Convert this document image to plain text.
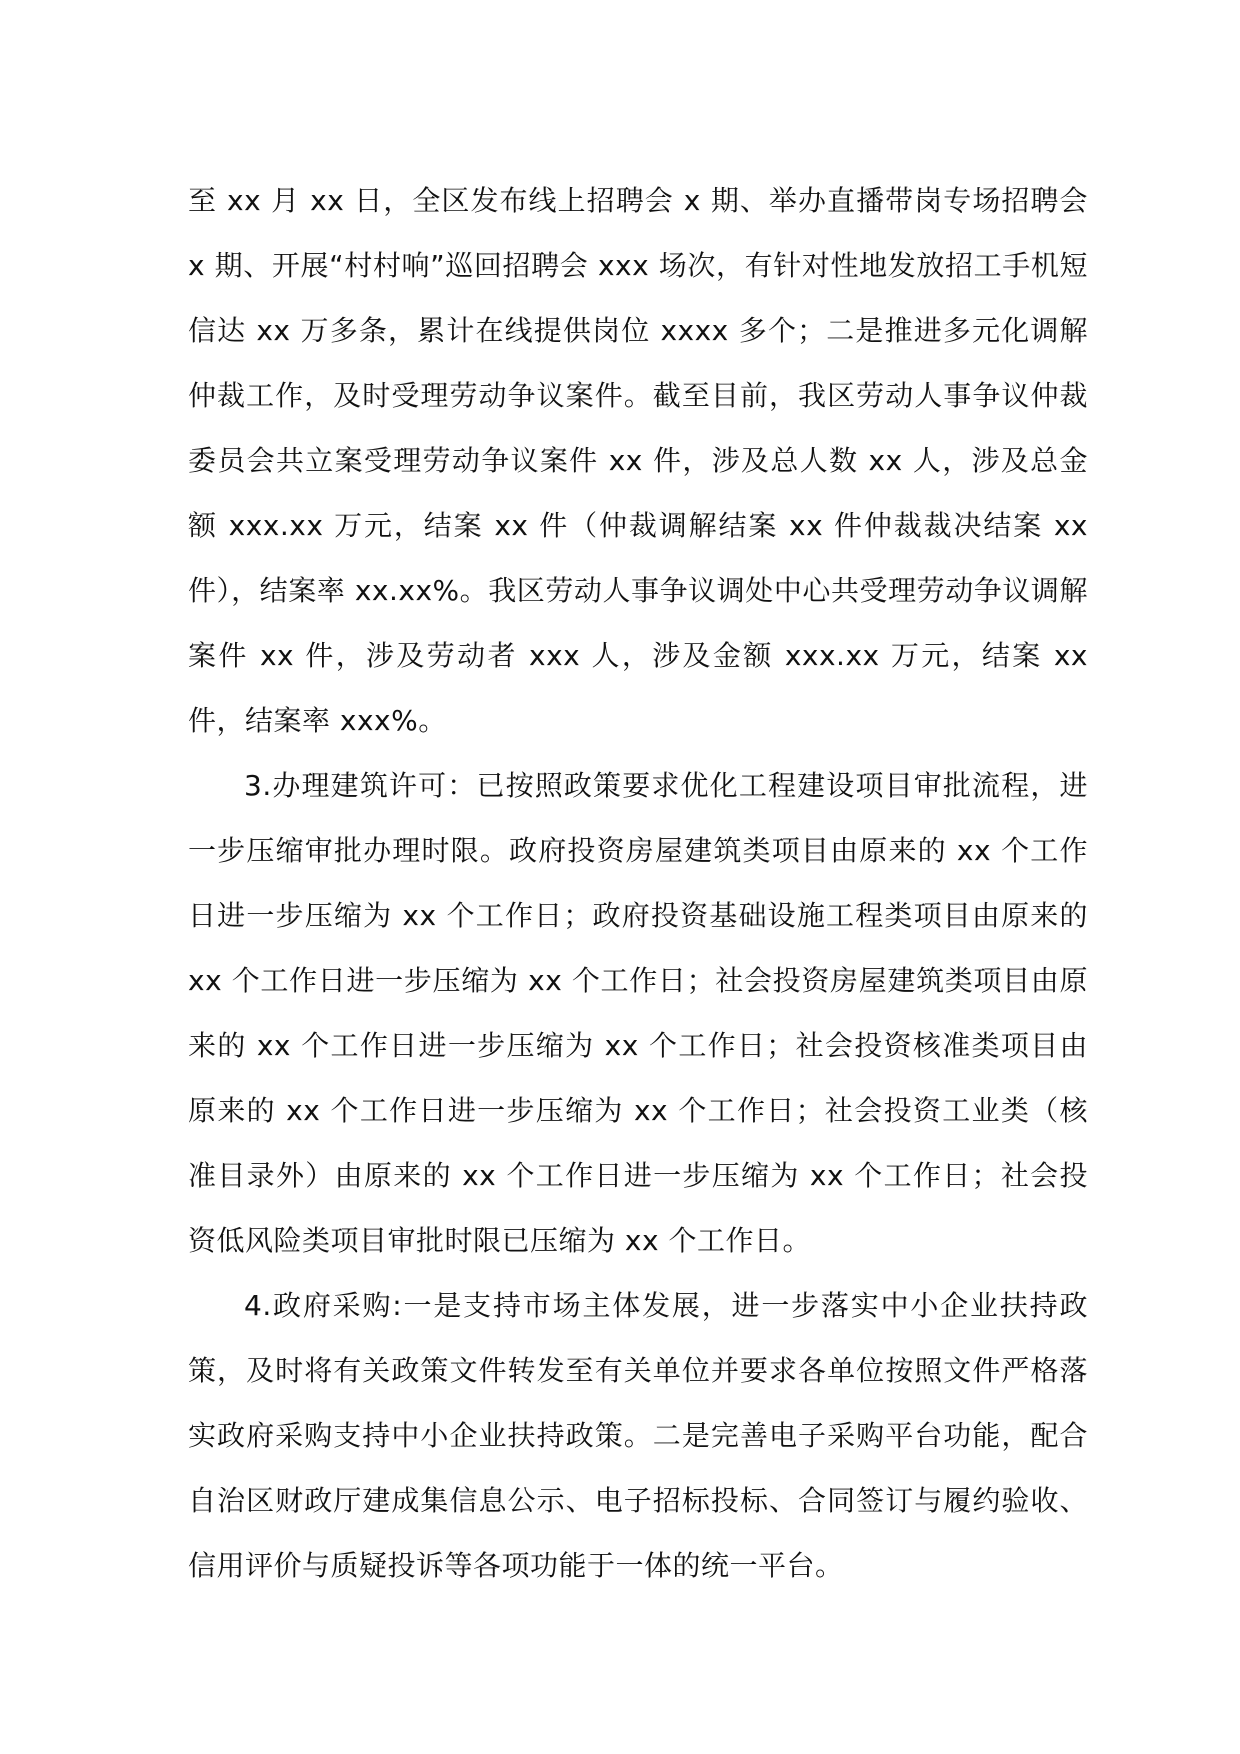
至 xx 月 xx 日，全区发布线上招聘会 x 期、举办直播带岗专场招聘会 x 期、开展“村村响”巡回招聘会 xxx 场次，有针对性地发放招工手机短信达 xx 万多条，累计在线提供岗位 xxxx 多个；二是推进多元化调解仲裁工作，及时受理劳动争议案件。截至目前，我区劳动人事争议仲裁委员会共立案受理劳动争议案件 xx 件，涉及总人数 xx 人，涉及总金额 xxx.xx 万元，结案 xx 件（仲裁调解结案 xx 件仲裁裁决结案 xx 件），结案率 xx.xx%。我区劳动人事争议调处中心共受理劳动争议调解案件 xx 件，涉及劳动者 xxx 人，涉及金额 xxx.xx 万元，结案 xx 件，结案率 xxx%。

3.办理建筑许可：已按照政策要求优化工程建设项目审批流程，进一步压缩审批办理时限。政府投资房屋建筑类项目由原来的 xx 个工作日进一步压缩为 xx 个工作日；政府投资基础设施工程类项目由原来的 xx 个工作日进一步压缩为 xx 个工作日；社会投资房屋建筑类项目由原来的 xx 个工作日进一步压缩为 xx 个工作日；社会投资核准类项目由原来的 xx 个工作日进一步压缩为 xx 个工作日；社会投资工业类（核准目录外）由原来的 xx 个工作日进一步压缩为 xx 个工作日；社会投资低风险类项目审批时限已压缩为 xx 个工作日。

4.政府采购:一是支持市场主体发展，进一步落实中小企业扶持政策，及时将有关政策文件转发至有关单位并要求各单位按照文件严格落实政府采购支持中小企业扶持政策。二是完善电子采购平台功能，配合自治区财政厅建成集信息公示、电子招标投标、合同签订与履约验收、信用评价与质疑投诉等各项功能于一体的统一平台。
